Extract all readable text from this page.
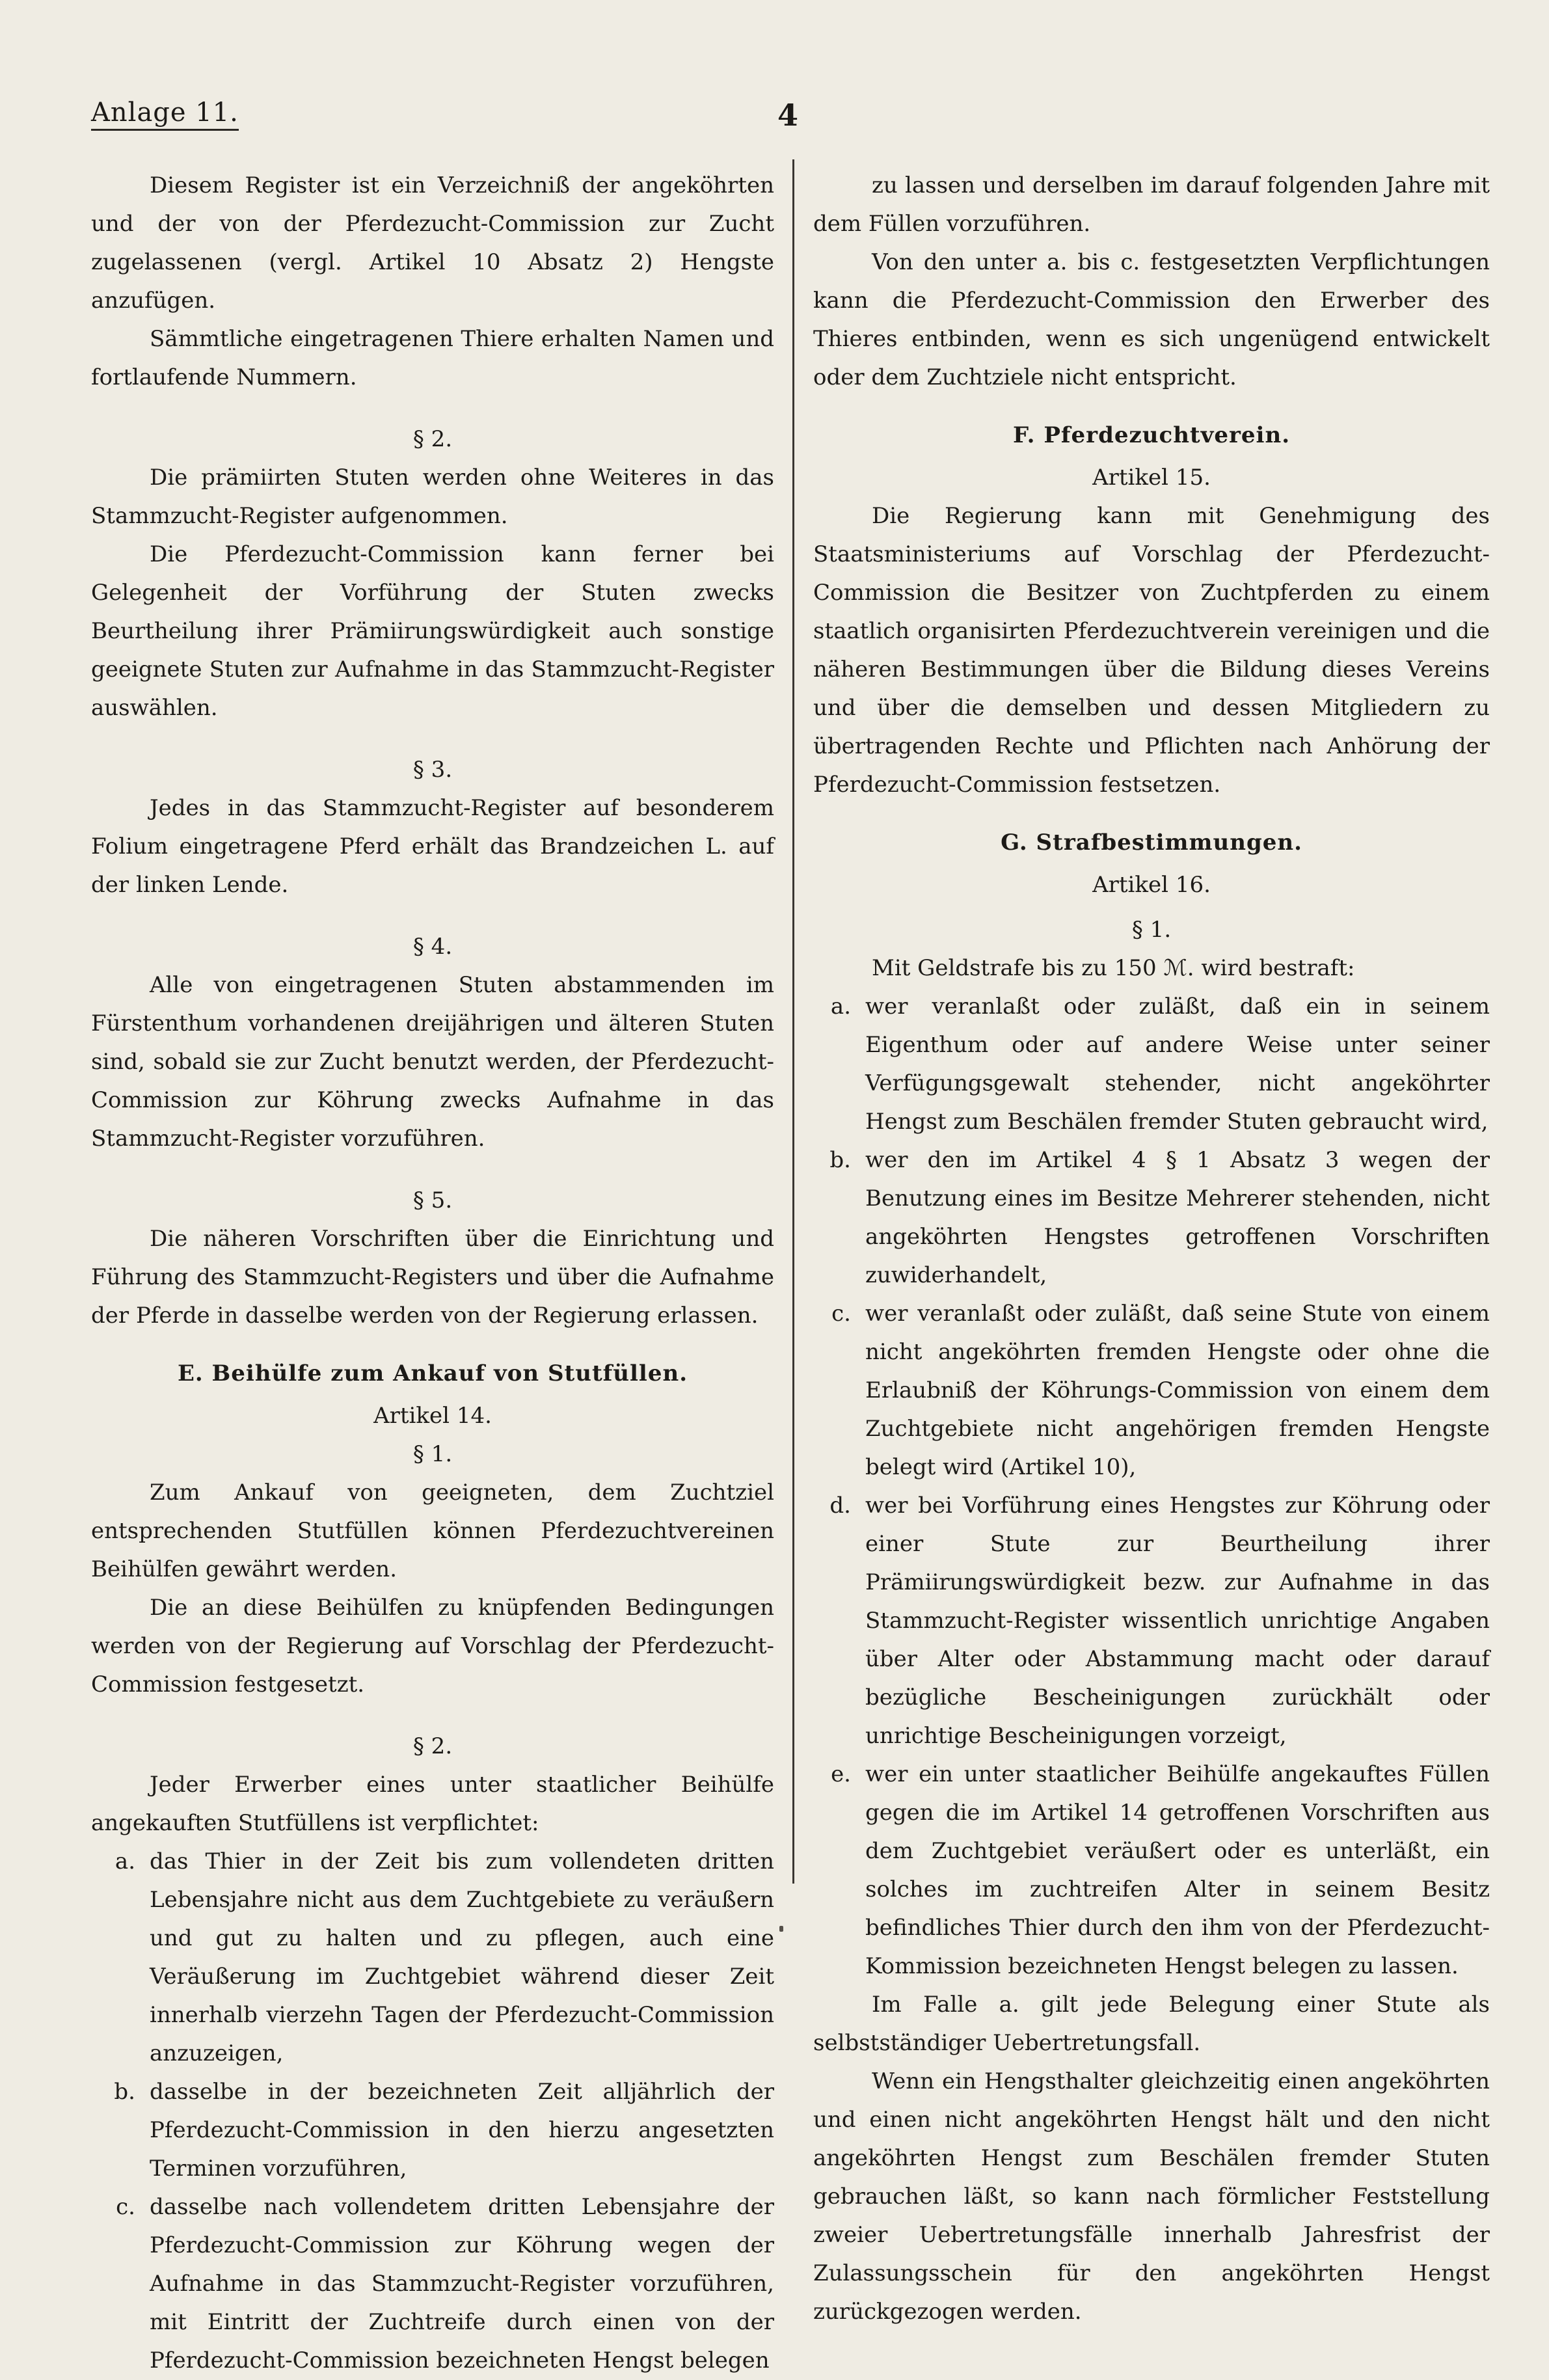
Anlage 11.	4

Diesem Register ist ein Verzeichniß der angeköhrten und der von der Pferdezucht-Commission zur Zucht zugelassenen (vergl. Artikel 10 Absatz 2) Hengste anzufügen.

Sämmtliche eingetragenen Thiere erhalten Namen und fortlaufende Nummern.

§ 2.

Die prämiirten Stuten werden ohne Weiteres in das Stammzucht-Register aufgenommen.

Die Pferdezucht-Commission kann ferner bei Gelegenheit der Vorführung der Stuten zwecks Beurtheilung ihrer Prämiirungswürdigkeit auch sonstige geeignete Stuten zur Aufnahme in das Stammzucht-Register auswählen.

§ 3.

Jedes in das Stammzucht-Register auf besonderem Folium eingetragene Pferd erhält das Brandzeichen L. auf der linken Lende.

§ 4.

Alle von eingetragenen Stuten abstammenden im Fürstenthum vorhandenen dreijährigen und älteren Stuten sind, sobald sie zur Zucht benutzt werden, der Pferdezucht-Commission zur Köhrung zwecks Aufnahme in das Stammzucht-Register vorzuführen.

§ 5.

Die näheren Vorschriften über die Einrichtung und Führung des Stammzucht-Registers und über die Aufnahme der Pferde in dasselbe werden von der Regierung erlassen.

E. Beihülfe zum Ankauf von Stutfüllen.

Artikel 14.

§ 1.

Zum Ankauf von geeigneten, dem Zuchtziel entsprechenden Stutfüllen können Pferdezuchtvereinen Beihülfen gewährt werden.

Die an diese Beihülfen zu knüpfenden Bedingungen werden von der Regierung auf Vorschlag der Pferdezucht-Commission festgesetzt.

§ 2.

Jeder Erwerber eines unter staatlicher Beihülfe angekauften Stutfüllens ist verpflichtet:

a. das Thier in der Zeit bis zum vollendeten dritten Lebensjahre nicht aus dem Zuchtgebiete zu veräußern und gut zu halten und zu pflegen, auch eine Veräußerung im Zuchtgebiet während dieser Zeit innerhalb vierzehn Tagen der Pferdezucht-Commission anzuzeigen,
b. dasselbe in der bezeichneten Zeit alljährlich der Pferdezucht-Commission in den hierzu angesetzten Terminen vorzuführen,
c. dasselbe nach vollendetem dritten Lebensjahre der Pferdezucht-Commission zur Köhrung wegen der Aufnahme in das Stammzucht-Register vorzuführen, mit Eintritt der Zuchtreife durch einen von der Pferdezucht-Commission bezeichneten Hengst belegen

zu lassen und derselben im darauf folgenden Jahre mit dem Füllen vorzuführen.

Von den unter a. bis c. festgesetzten Verpflichtungen kann die Pferdezucht-Commission den Erwerber des Thieres entbinden, wenn es sich ungenügend entwickelt oder dem Zuchtziele nicht entspricht.

F. Pferdezuchtverein.

Artikel 15.

Die Regierung kann mit Genehmigung des Staatsministeriums auf Vorschlag der Pferdezucht-Commission die Besitzer von Zuchtpferden zu einem staatlich organisirten Pferdezuchtverein vereinigen und die näheren Bestimmungen über die Bildung dieses Vereins und über die demselben und dessen Mitgliedern zu übertragenden Rechte und Pflichten nach Anhörung der Pferdezucht-Commission festsetzen.

G. Strafbestimmungen.

Artikel 16.

§ 1.

Mit Geldstrafe bis zu 150 ℳ. wird bestraft:

a. wer veranlaßt oder zuläßt, daß ein in seinem Eigenthum oder auf andere Weise unter seiner Verfügungsgewalt stehender, nicht angeköhrter Hengst zum Beschälen fremder Stuten gebraucht wird,
b. wer den im Artikel 4 § 1 Absatz 3 wegen der Benutzung eines im Besitze Mehrerer stehenden, nicht angeköhrten Hengstes getroffenen Vorschriften zuwiderhandelt,
c. wer veranlaßt oder zuläßt, daß seine Stute von einem nicht angeköhrten fremden Hengste oder ohne die Erlaubniß der Köhrungs-Commission von einem dem Zuchtgebiete nicht angehörigen fremden Hengste belegt wird (Artikel 10),
d. wer bei Vorführung eines Hengstes zur Köhrung oder einer Stute zur Beurtheilung ihrer Prämiirungswürdigkeit bezw. zur Aufnahme in das Stammzucht-Register wissentlich unrichtige Angaben über Alter oder Abstammung macht oder darauf bezügliche Bescheinigungen zurückhält oder unrichtige Bescheinigungen vorzeigt,
e. wer ein unter staatlicher Beihülfe angekauftes Füllen gegen die im Artikel 14 getroffenen Vorschriften aus dem Zuchtgebiet veräußert oder es unterläßt, ein solches im zuchtreifen Alter in seinem Besitz befindliches Thier durch den ihm von der Pferdezucht-Kommission bezeichneten Hengst belegen zu lassen.

Im Falle a. gilt jede Belegung einer Stute als selbstständiger Uebertretungsfall.

Wenn ein Hengsthalter gleichzeitig einen angeköhrten und einen nicht angeköhrten Hengst hält und den nicht angeköhrten Hengst zum Beschälen fremder Stuten gebrauchen läßt, so kann nach förmlicher Feststellung zweier Uebertretungsfälle innerhalb Jahresfrist der Zulassungsschein für den angeköhrten Hengst zurückgezogen werden.
